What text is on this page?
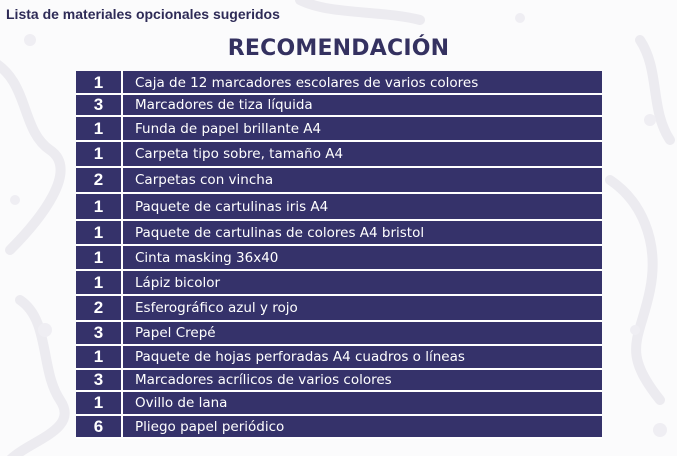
Lista de materiales opcionales sugeridos
RECOMENDACIÓN
1	Caja de 12 marcadores escolares de varios colores
3	Marcadores de tiza líquida
1	Funda de papel brillante A4
1	Carpeta tipo sobre, tamaño A4
2	Carpetas con vincha
1	Paquete de cartulinas iris A4
1	Paquete de cartulinas de colores A4 bristol
1	Cinta masking 36x40
1	Lápiz bicolor
2	Esferográfico azul y rojo
3	Papel Crepé
1	Paquete de hojas perforadas A4 cuadros o líneas
3	Marcadores acrílicos de varios colores
1	Ovillo de lana
6	Pliego papel periódico
